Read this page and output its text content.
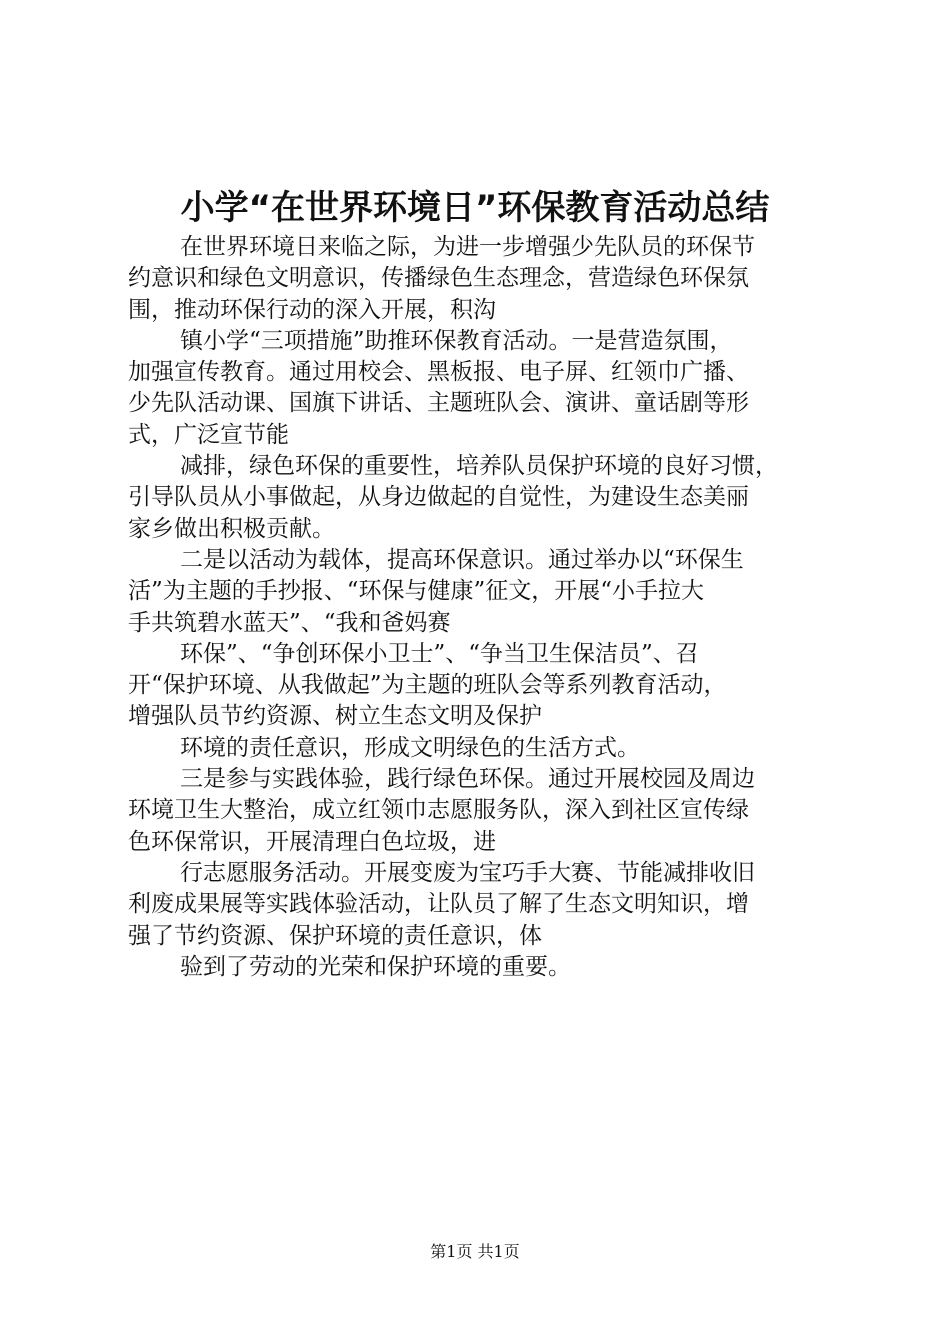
小学“在世界环境日”环保教育活动总结
在世界环境日来临之际，为进一步增强少先队员的环保节
约意识和绿色文明意识，传播绿色生态理念，营造绿色环保氛
围，推动环保行动的深入开展，积沟
镇小学“三项措施”助推环保教育活动。一是营造氛围，
加强宣传教育。通过用校会、黑板报、电子屏、红领巾广播、
少先队活动课、国旗下讲话、主题班队会、演讲、童话剧等形
式，广泛宣节能
减排，绿色环保的重要性，培养队员保护环境的良好习惯，
引导队员从小事做起，从身边做起的自觉性，为建设生态美丽
家乡做出积极贡献。
二是以活动为载体，提高环保意识。通过举办以“环保生
活”为主题的手抄报、“环保与健康”征文，开展“小手拉大
手共筑碧水蓝天”、“我和爸妈赛
环保”、“争创环保小卫士”、“争当卫生保洁员”、召
开“保护环境、从我做起”为主题的班队会等系列教育活动，
增强队员节约资源、树立生态文明及保护
环境的责任意识，形成文明绿色的生活方式。
三是参与实践体验，践行绿色环保。通过开展校园及周边
环境卫生大整治，成立红领巾志愿服务队，深入到社区宣传绿
色环保常识，开展清理白色垃圾，进
行志愿服务活动。开展变废为宝巧手大赛、节能减排收旧
利废成果展等实践体验活动，让队员了解了生态文明知识，增
强了节约资源、保护环境的责任意识，体
验到了劳动的光荣和保护环境的重要。
第1页 共1页
